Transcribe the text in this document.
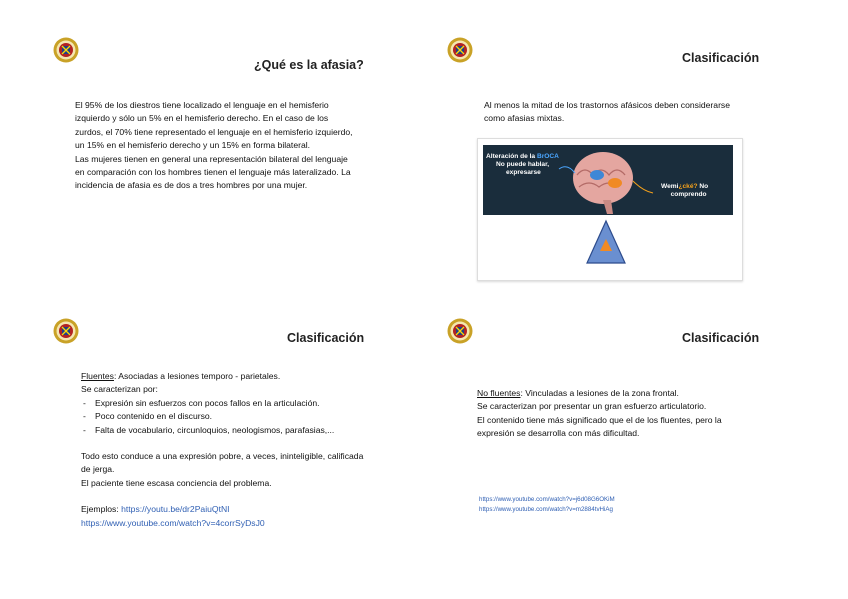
¿Qué es la afasia?

El 95% de los diestros tiene localizado el lenguaje en el hemisferio izquierdo y sólo un 5% en el hemisferio derecho. En el caso de los zurdos, el 70% tiene representado el lenguaje en el hemisferio izquierdo, un 15% en el hemisferio derecho y un 15% en forma bilateral.

Las mujeres tienen en general una representación bilateral del lenguaje en comparación con los hombres tienen el lenguaje más lateralizado. La incidencia de afasia es de dos a tres hombres por una mujer.

Clasificación
Al menos la mitad de los trastornos afásicos deben considerarse como afasias mixtas.
Alteración de la BrOCA
No puede hablar,
expresarse
Wemi¿cké? No
comprendo
Clasificación

Fluentes: Asociadas a lesiones temporo - parietales.

Se caracterizan por:

- Expresión sin esfuerzos con pocos fallos en la articulación.
- Poco contenido en el discurso.
- Falta de vocabulario, circunloquios, neologismos, parafasias,...

Todo esto conduce a una expresión pobre, a veces, ininteligible, calificada de jerga.

El paciente tiene escasa conciencia del problema.

Ejemplos: https://youtu.be/dr2PaiuQtNI

https://www.youtube.com/watch?v=4corrSyDsJ0

Clasificación

No fluentes: Vinculadas a lesiones de la zona frontal.

Se caracterizan por presentar un gran esfuerzo articulatorio.

El contenido tiene más significado que el de los fluentes, pero la expresión se desarrolla con más dificultad.

https://www.youtube.com/watch?v=j6d08G6OKiM
https://www.youtube.com/watch?v=m2884tvHiAg
